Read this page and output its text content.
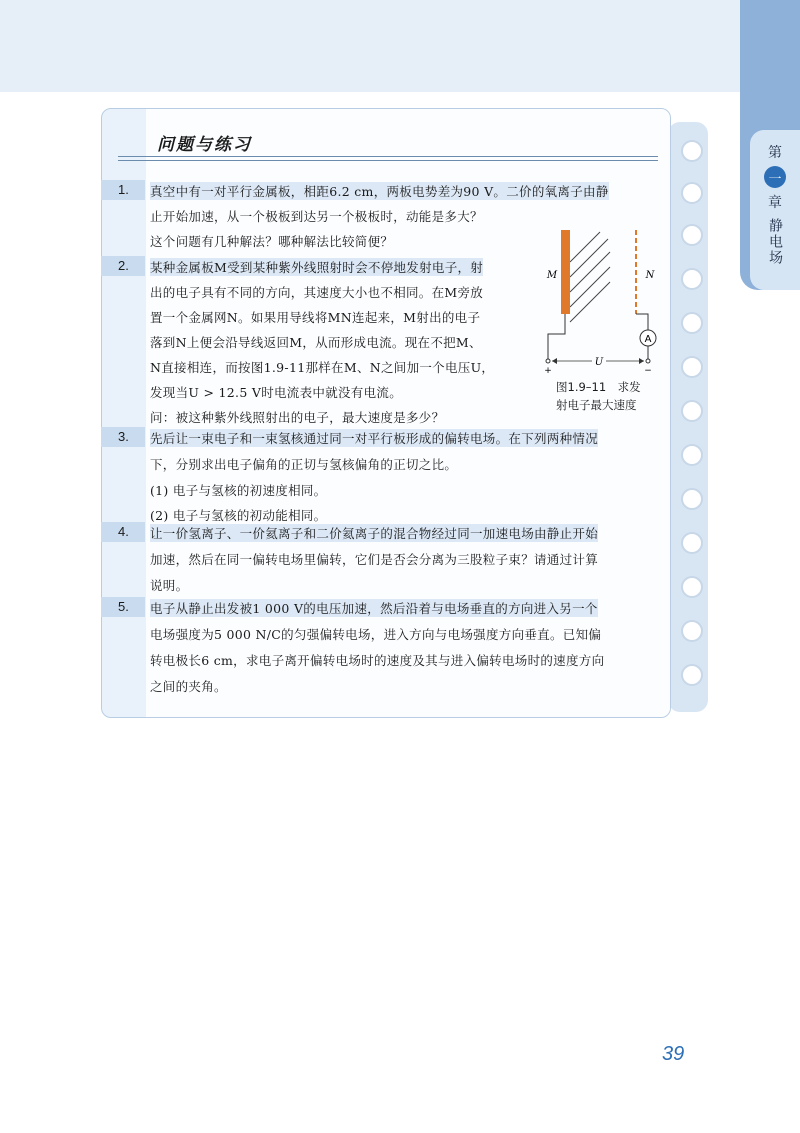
第
一
章
静电场
问题与练习
1. 真空中有一对平行金属板，相距6.2 cm，两板电势差为90 V。二价的氧离子由静
止开始加速，从一个极板到达另一个极板时，动能是多大？
这个问题有几种解法？哪种解法比较简便？
2. 某种金属板M受到某种紫外线照射时会不停地发射电子，射
出的电子具有不同的方向，其速度大小也不相同。在M旁放
置一个金属网N。如果用导线将MN连起来，M射出的电子
落到N上便会沿导线返回M，从而形成电流。现在不把M、
N直接相连，而按图1.9-11那样在M、N之间加一个电压U，
发现当U > 12.5 V时电流表中就没有电流。
问：被这种紫外线照射出的电子，最大速度是多少？
3. 先后让一束电子和一束氢核通过同一对平行板形成的偏转电场。在下列两种情况
下，分别求出电子偏角的正切与氢核偏角的正切之比。
(1) 电子与氢核的初速度相同。
(2) 电子与氢核的初动能相同。
4. 让一价氢离子、一价氦离子和二价氦离子的混合物经过同一加速电场由静止开始
加速，然后在同一偏转电场里偏转，它们是否会分离为三股粒子束？请通过计算
说明。
5. 电子从静止出发被1 000 V的电压加速，然后沿着与电场垂直的方向进入另一个
电场强度为5 000 N/C的匀强偏转电场，进入方向与电场强度方向垂直。已知偏
转电极长6 cm，求电子离开偏转电场时的速度及其与进入偏转电场时的速度方向
之间的夹角。
A
U
+	−
M	N
图1.9–11　求发
射电子最大速度
39
